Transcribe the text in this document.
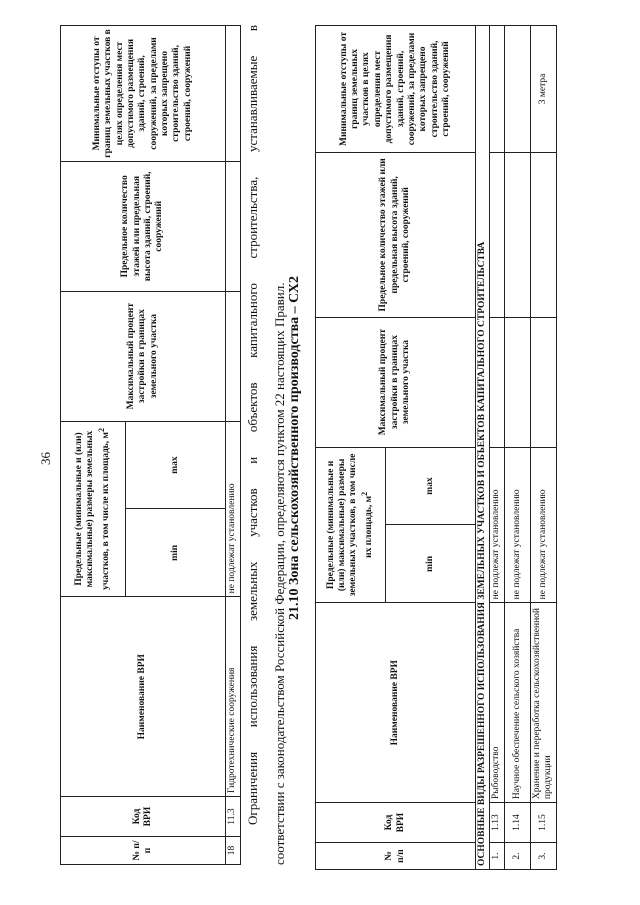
36
№ п/п	Код ВРИ	Наименование ВРИ	Предельные (минимальные и (или) максимальные) размеры земельных участков, в том числе их площадь, $м^2$		Максимальный процент застройки в границах земельного участка	Предельное количество этажей или предельная высота зданий, строений, сооружений	Минимальные отступы от границ земельных участков в целях определения мест допустимого размещения зданий, строений, сооружений, за пределами которых запрещено строительство зданий, строений, сооружений
			min	max			
18	11.3	Гидротехнические сооружения	не подлежат установлению				Ограничения использования земельных участков и объектов капитального строительства, устанавливаемые в соответствии с законодательством Российской Федерации, определяются пунктом 22 настоящих Правил. 21.10 Зона сельскохозяйственного производства – СХ2
№ п/п	Код ВРИ	Наименование ВРИ	Предельные (минимальные и (или) максимальные) размеры земельных участков, в том числе их площадь, $м^2$		Максимальный процент застройки в границах земельного участка	Предельное количество этажей или предельная высота зданий, строений, сооружений	Минимальные отступы от границ земельных участков в целях определения мест допустимого размещения зданий, строений, сооружений, за пределами которых запрещено строительство зданий, строений, сооружений
			min	max			
ОСНОВНЫЕ ВИДЫ РАЗРЕШЕННОГО ИСПОЛЬЗОВАНИЯ ЗЕМЕЛЬНЫХ УЧАСТКОВ И ОБЪЕКТОВ КАПИТАЛЬНОГО СТРОИТЕЛЬСТВА							
1.	1.13	Рыбоводство	не подлежат установлению				
2.	1.14	Научное обеспечение сельского хозяйства	не подлежат установлению				
3.	1.15	Хранение и переработка сельскохозяйственной продукции	не подлежат установлению				3 метра
